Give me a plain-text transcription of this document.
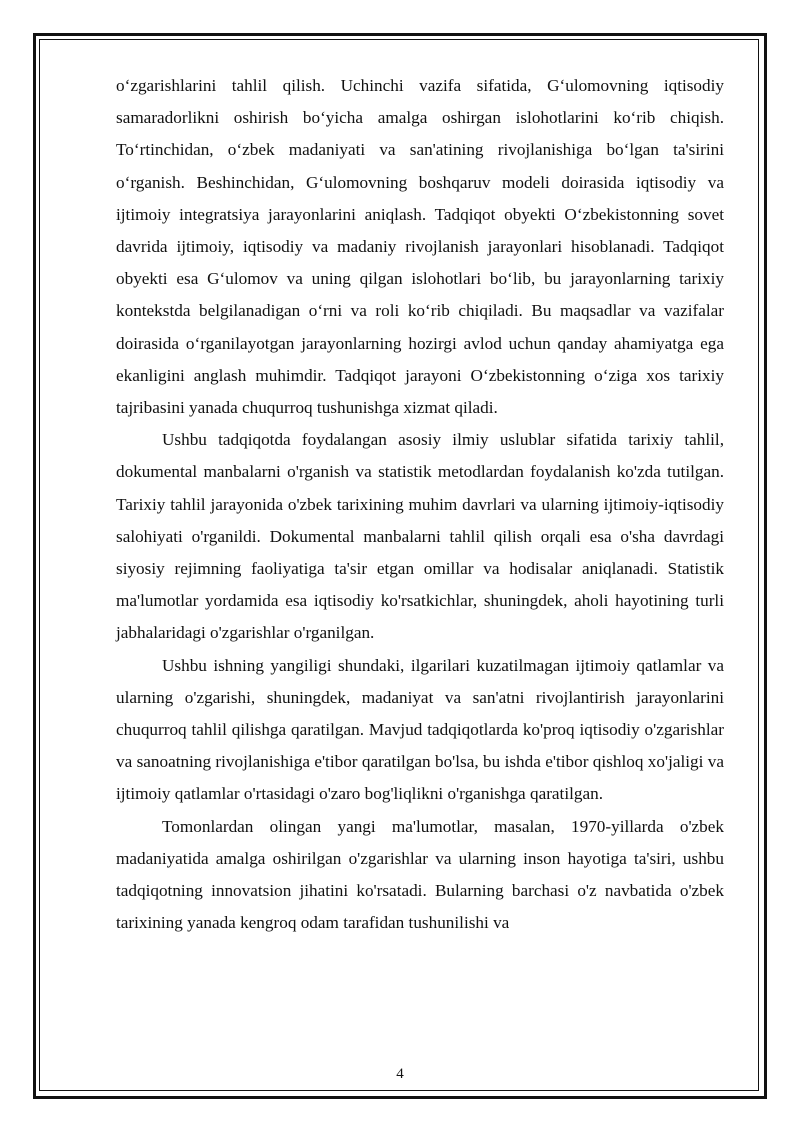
o‘zgarishlarini tahlil qilish. Uchinchi vazifa sifatida, G‘ulomovning iqtisodiy samaradorlikni oshirish bo‘yicha amalga oshirgan islohotlarini ko‘rib chiqish. To‘rtinchidan, o‘zbek madaniyati va san'atining rivojlanishiga bo‘lgan ta'sirini o‘rganish. Beshinchidan, G‘ulomovning boshqaruv modeli doirasida iqtisodiy va ijtimoiy integratsiya jarayonlarini aniqlash. Tadqiqot obyekti O‘zbekistonning sovet davrida ijtimoiy, iqtisodiy va madaniy rivojlanish jarayonlari hisoblanadi. Tadqiqot obyekti esa G‘ulomov va uning qilgan islohotlari bo‘lib, bu jarayonlarning tarixiy kontekstda belgilanadigan o‘rni va roli ko‘rib chiqiladi. Bu maqsadlar va vazifalar doirasida o‘rganilayotgan jarayonlarning hozirgi avlod uchun qanday ahamiyatga ega ekanligini anglash muhimdir. Tadqiqot jarayoni O‘zbekistonning o‘ziga xos tarixiy tajribasini yanada chuqurroq tushunishga xizmat qiladi.

Ushbu tadqiqotda foydalangan asosiy ilmiy uslublar sifatida tarixiy tahlil, dokumental manbalarni o'rganish va statistik metodlardan foydalanish ko'zda tutilgan. Tarixiy tahlil jarayonida o'zbek tarixining muhim davrlari va ularning ijtimoiy-iqtisodiy salohiyati o'rganildi. Dokumental manbalarni tahlil qilish orqali esa o'sha davrdagi siyosiy rejimning faoliyatiga ta'sir etgan omillar va hodisalar aniqlanadi. Statistik ma'lumotlar yordamida esa iqtisodiy ko'rsatkichlar, shuningdek, aholi hayotining turli jabhalaridagi o'zgarishlar o'rganilgan.

Ushbu ishning yangiligi shundaki, ilgarilari kuzatilmagan ijtimoiy qatlamlar va ularning o'zgarishi, shuningdek, madaniyat va san'atni rivojlantirish jarayonlarini chuqurroq tahlil qilishga qaratilgan. Mavjud tadqiqotlarda ko'proq iqtisodiy o'zgarishlar va sanoatning rivojlanishiga e'tibor qaratilgan bo'lsa, bu ishda e'tibor qishloq xo'jaligi va ijtimoiy qatlamlar o'rtasidagi o'zaro bog'liqlikni o'rganishga qaratilgan.

Tomonlardan olingan yangi ma'lumotlar, masalan, 1970-yillarda o'zbek madaniyatida amalga oshirilgan o'zgarishlar va ularning inson hayotiga ta'siri, ushbu tadqiqotning innovatsion jihatini ko'rsatadi. Bularning barchasi o'z navbatida o'zbek tarixining yanada kengroq odam tarafidan tushunilishi va

4
